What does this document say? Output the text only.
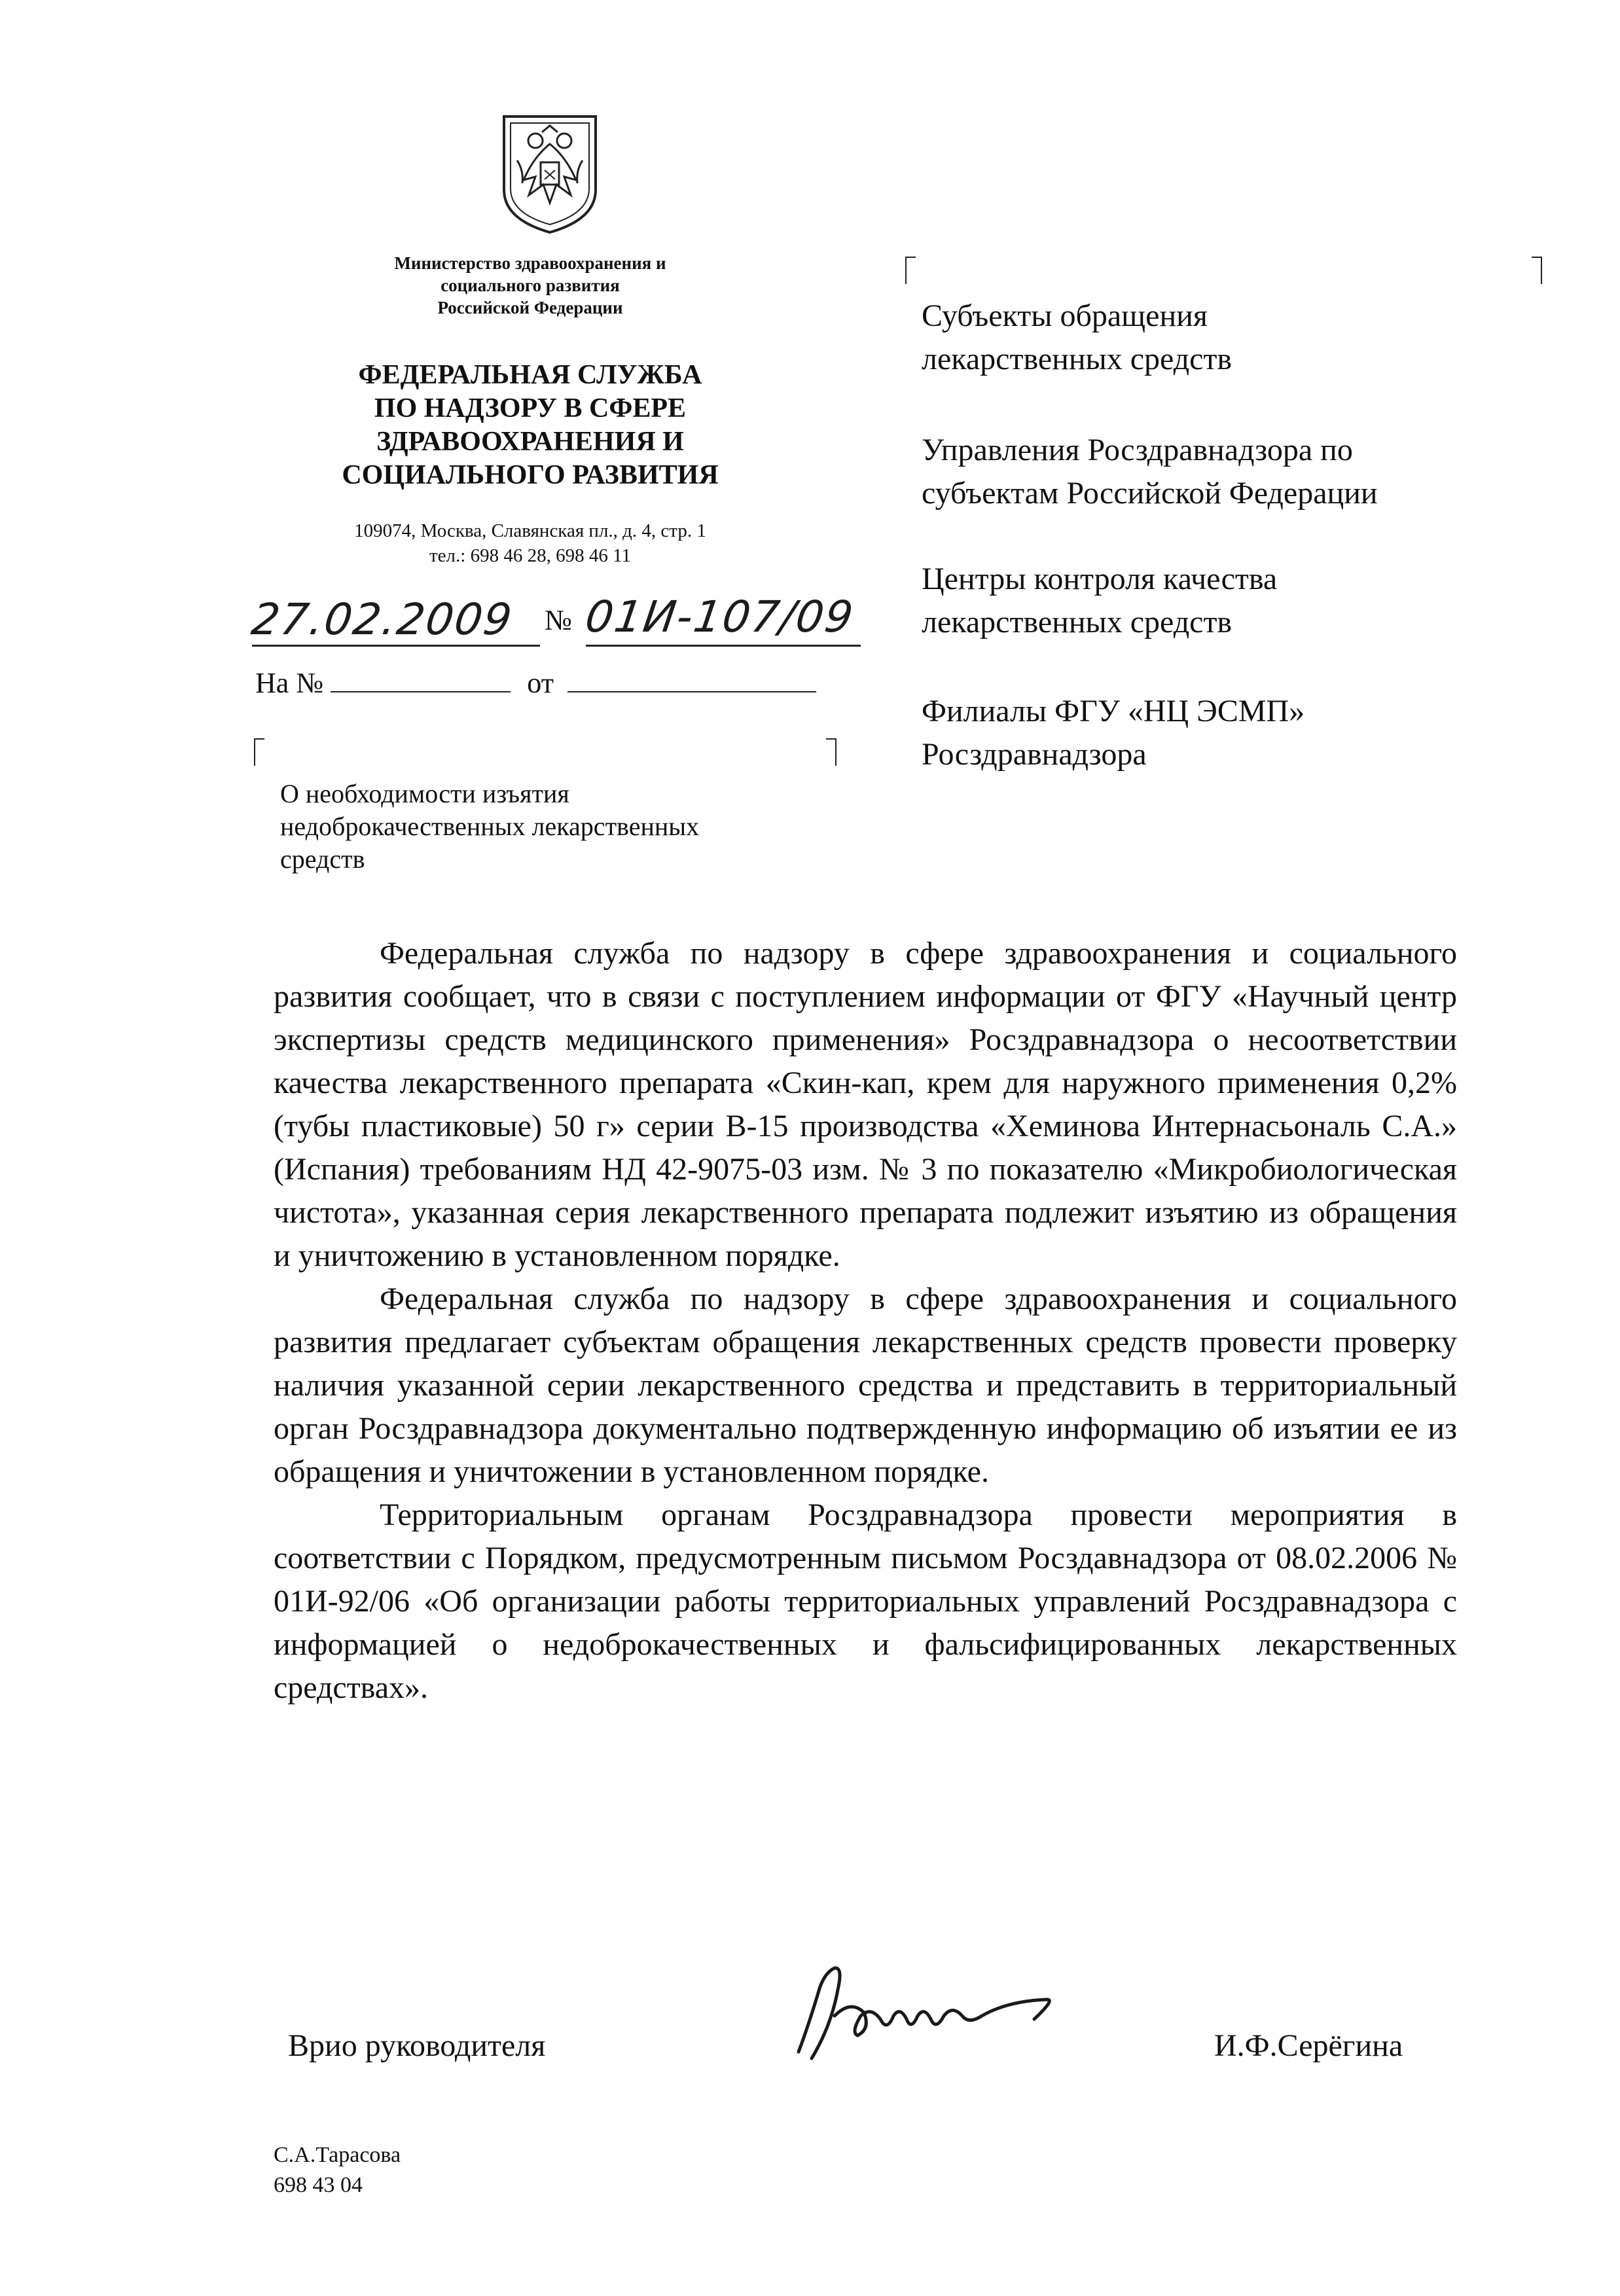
Министерство здравоохранения и
социального развития
Российской Федерации
ФЕДЕРАЛЬНАЯ СЛУЖБА
ПО НАДЗОРУ В СФЕРЕ
ЗДРАВООХРАНЕНИЯ И
СОЦИАЛЬНОГО РАЗВИТИЯ
109074, Москва, Славянская пл., д. 4, стр. 1
тел.: 698 46 28, 698 46 11
27.02.2009 № 01И-107/09
На №	от
О необходимости изъятия
недоброкачественных лекарственных
средств
Субъекты обращения
лекарственных средств
Управления Росздравнадзора по
субъектам Российской Федерации
Центры контроля качества
лекарственных средств
Филиалы ФГУ «НЦ ЭСМП»
Росздравнадзора

Федеральная служба по надзору в сфере здравоохранения и социального развития сообщает, что в связи с поступлением информации от ФГУ «Научный центр экспертизы средств медицинского применения» Росздравнадзора о несоответствии качества лекарственного препарата «Скин-кап, крем для наружного применения 0,2% (тубы пластиковые) 50 г» серии В-15 производства «Хеминова Интернасьональ С.А.» (Испания) требованиям НД 42-9075-03 изм. № 3 по показателю «Микробиологическая чистота», указанная серия лекарственного препарата подлежит изъятию из обращения и уничтожению в установленном порядке.

Федеральная служба по надзору в сфере здравоохранения и социального развития предлагает субъектам обращения лекарственных средств провести проверку наличия указанной серии лекарственного средства и представить в территориальный орган Росздравнадзора документально подтвержденную информацию об изъятии ее из обращения и уничтожении в установленном порядке.

Территориальным органам Росздравнадзора провести мероприятия в соответствии с Порядком, предусмотренным письмом Росздавнадзора от 08.02.2006 № 01И-92/06 «Об организации работы территориальных управлений Росздравнадзора с информацией о недоброкачественных и фальсифицированных лекарственных средствах».

Врио руководителя	И.Ф.Серёгина
С.А.Тарасова
698 43 04
